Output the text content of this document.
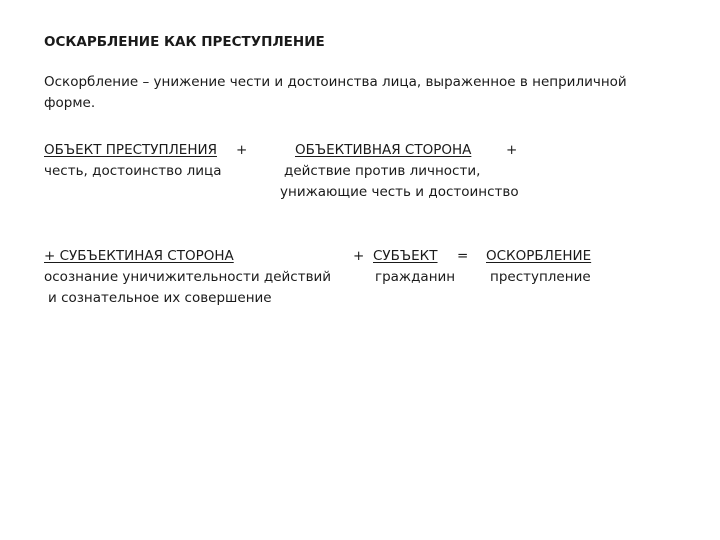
ОСКАРБЛЕНИЕ КАК ПРЕСТУПЛЕНИЕ
Оскорбление – унижение чести и достоинства лица, выраженное в неприличной
форме.
ОБЪЕКТ ПРЕСТУПЛЕНИЯ +
честь, достоинство лица
ОБЪЕКТИВНАЯ СТОРОНА	+
действие против личности,
унижающие честь и достоинство
+ СУБЪЕКТИНАЯ СТОРОНА	+
осознание уничижительности действий
и сознательное их совершение
СУБЪЕКТ	=
гражданин
ОСКОРБЛЕНИЕ
преступление
